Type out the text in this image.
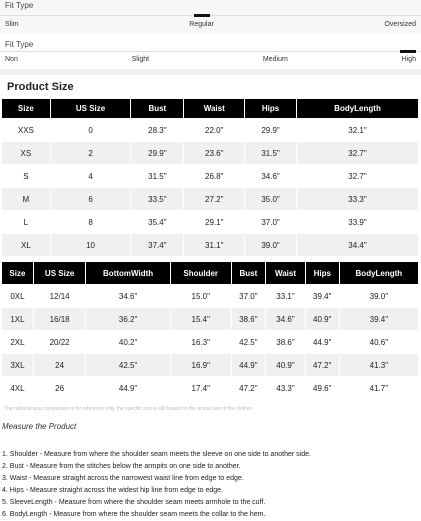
Fit Type
Slim	Regular	Oversized
Fit Type
Non	Slight	Medium	High
Product Size
Size	US Size	Bust	Waist	Hips	BodyLength
XXS	0	28.3"	22.0"	29.9"	32.1"
XS	2	29.9"	23.6"	31.5"	32.7"
S	4	31.5"	26.8"	34.6"	32.7"
M	6	33.5"	27.2"	35.0"	33.3"
L	8	35.4"	29.1"	37.0"	33.9"
XL	10	37.4"	31.1"	39.0"	34.4"
Size	US Size	BottomWidth	Shoulder	Bust	Waist	Hips	BodyLength
0XL	12/14	34.6"	15.0"	37.0"	33.1"	39.4"	39.0"
1XL	16/18	36.2"	15.4"	38.6"	34.6"	40.9"	39.4"
2XL	20/22	40.2"	16.3"	42.5"	38.6"	44.9"	40.6"
3XL	24	42.5"	16.9"	44.9"	40.9"	47.2"	41.3"
4XL	26	44.9"	17.4"	47.2"	43.3"	49.6"	41.7"
The national size comparison is for reference only, the specific size is still based on the actual size of the clothes.
Measure the Product
1. Shoulder - Measure from where the shoulder seam meets the sleeve on one side to another side.
2. Bust - Measure from the stitches below the armpits on one side to another.
3. Waist - Measure straight across the narrowest waist line from edge to edge.
4. Hips - Measure straight across the widest hip line from edge to edge.
5. SleeveLength - Measure from where the shoulder seam meets armhole to the cuff.
6. BodyLength - Measure from where the shoulder seam meets the collar to the hem.
